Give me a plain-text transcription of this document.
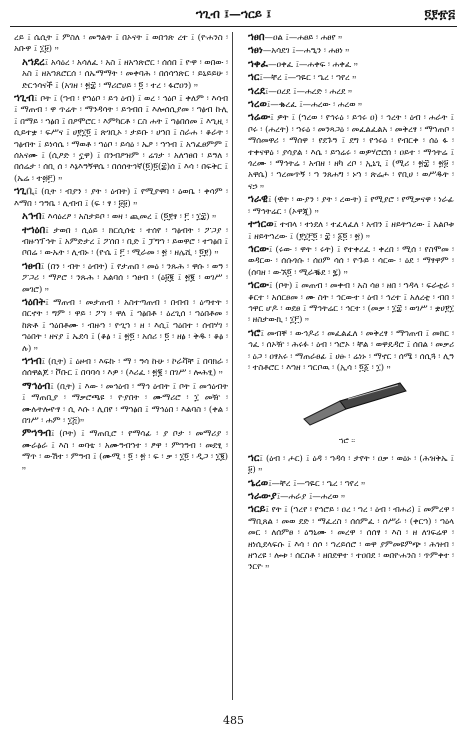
ኀጊብ ፤—ኀርይ ፤	፬፻፹፭

ረይ ፤ ሴሲት ፤ ምስለ ፡ መዓልት ፤ በኦናት ፤ ወበኅጽ ረተ ፤ (ዮሐንስ ፡ አቡዋ ፤ ፲፱) ።

አኀደረ፤ አሳዕረ ፡ አሳለፈ ፡ አስ ፤ ዘአኀጽሮር ፡ ሰሰበ ፤ ዮዋ ፡ ወበው ፡ አስ ፤ ዘአኀጸሮርሰ ፡ ሰኡማማት ፡ መቀባሕ ፡ በሰሳኀጽር ፡ ይኒይይሁ ፡ ድርኅሳናች ፤ (አገዘ ፡ ፳፰ ፡ ማሪሮሀይ ፡ ፬ ፡ ተረ ፡ ፋሮዐን) ።

ኀጊብ፤ ቦት ፤ (ኀብ ፡ የኀዕቦ ፡ ይኅ ዕብ) ፤ ወረ ፡ ኅዕቦ ፤ ቀለም ፡ እሳብ ፤ ማጠብ ፡ ዋ ጥሬት ፡ ማንዳሳት ፡ ይኅብበ ፤ እሎሰሲያመ ፡ ኀፅብ ኩሊ ፤ በማይ ፡ ኀፅበ ፤ በዖሞሮር ፡ እምካርቶ ፡ ርስ ሐት ፤ ኀፅበሰመ ፤ እኂዚ ፡ ሲይተቋ ፡ ፍሥና ፤ ሀ፻፲፬ ፤ ጽገቢኦ ፡ ታይቡ ፡ ሀኀበ ፤ ስራሐ ፡ ቆራት ፡ ኀፅብት ፤ ይነሳሴ ፡ ማወቶ ፡ ኀዕቦ ፡ ይሳዕ ፡ ኤዖ ፡ ኀኀብ ፤ አኀፈፀምም ፤ ሰአናሙ ፤ (ሲዖድ ፡ ኗዋ) ፤ በንብዖዝም ፡ ሬገታ ፡ አለኀፀበ ፡ ይዓለ ፡ በሰሬታ ፡ ሰቢ ሰ ፡ እኔእዓኝዋሴ ፡ በሰሰትኅኛ(፬)፬(፰)ሰ ፤ እሳ ፡ በፍቅር ፤ (ኤሬ ፡ ተ፴፫) ።

ኀጊቢ፤ (ቢት ፡ ብያን ፡ ያት ፡ ዕብት) ፤ የሚያዋባ ፡ ዕወቤ ፡ ቀሳም ፡ እማበ ፡ ኀዓቤ ፡ ሊብብ ፤ (ፍ ፡ ፃ ፡ ፱፱) ።

አኅብ፤ እሳዕረዖ ፡ አስታይቦ ፡ ወዛ ፡ ጪመረ ፤ (፬፻ፃ ፡ ፫ ፡ ፲፰) ።

ተኀዕበ፤ ታወበ ፡ ሲዕይ ፡ ክርሲሰቴ ፡ ተሰየ ፡ ኀፅብት ፡ ፖጋያ ፡ ብዙኀፕኅት ፤ አምድታረ ፤ ፖሰበ ፡ ቢድ ፤ ፓግኀ ፡ ይወዋሮ ፡ ተኀፅበ ፤ ቦበሬ ፡ ውኡት ፡ ሊብኑ ፡ (ዮሴ ፤ ፫ ፡ ሚራመ ፡ ፳ ፡ ዘሌሺ ፡ ፬፻) ።

ኀፀብ፤ (በን ፡ ብት ፡ ዕብት) ፤ የታጠበ ፡ መዕ ፡ ንጹሕ ፡ ዋሱ ፡ ወዓ ፡ ፖጋሪ ፡ ማዖሮ ፡ ንጹሕ ፡ አልባሰ ፡ ኀፀብ ፡ (ዕ፱፪ ፤ ፳፪ ፡ ወገሥ ፡ መገሮ) ።

ኀዕበት፤ ማጠብ ፡ መታጠብ ፡ አስተጣጠብ ፡ በብብ ፡ ዕጣተት ፡ በርኖት ፡ ግም ፡ ዋይ ፡ ፖገ ፡ ዋለ ፤ ኀፅበቶ ፡ ዕረጊሰ ፡ ኀዕበቶመ ፡ ከጽቶ ፤ ኀዕበቶሙ ፡ ብዙኀ ፡ ዮጊኀ ፡ ዘ ፡ እሲ፤ ኀዕበተ ፡ ሰብሃገ ፡ ኀዕበት ፡ ዘናያ ፤ ኤደሳ ፤ (ቆፅ ፡ ፤ ፳፬ ፡ አሰሪ ፡ ፬ ፡ ዘፅ ፡ ቅዱ ፡ ቆፅ ፡ ሉ) ።

ኀኀብ፤ (ቢት) ፤ ዕዞብ ፡ እፍኩ ፡ ማ ፡ ዓሳ ኩሁ ፡ ኮራቫቸ ፤ በባክራ ፡ ሰሰዋልጆ ፡ ቮቡር ፤ በባባሳ ፡ እዎ ፡ (እሪፈ ፡ ፳፪ ፡ በገሥ ፡ ሎሕፂ) ።

ማኅዕብ፤ (ቢት) ፤ እው ፡ መኅዕብ ፡ ማኅ ዕብት ፤ ቦት ፤ መኅዕብት ፤ ማጠቢያ ፡ ማቃሮጫዩ ፡ ዮያበት ፡ ሙማሪሮ ፡ ፲ መዥ ፡ ሙሉትሎዮፃ ፡ ሲ እሱ ፡ ሊበየ ፡ ማኀፅበ ፤ ማኅዕበ ፡ እልባስ ፡ (ቀል ፡ በገሥ ፡ ሐም ፡ ፲፭)።

ምኀዓብ፤ (ቦት) ፤ ማጠቢሮ ፡ የማሳፊ ፡ ያ ቦታ ፡ መማሪያ ፡ ሙራፅራ ፤ እስ ፡ ወባቴ ፡ አሙዓብኀተ ፡ ፆዋ ፡ ምኀዓብ ፡ መደፂ ፡ ማጥ ፡ ውሽተ ፡ ምዓብ ፤ (ሙሚ ፡ ፬ ፡ ፳ ፡ ፍ ፡ ቃ ፡ ፲፬ ፡ ዲጋ ፡ ፲፪) ።

ኀፀበ—ዐል ፤—ሐፀይ ፡ ሐፀየ ።

ኀፀነ—አሳደገ ፤—ሐዒን ፡ ሐፀነ ።

ኀቀፈ—ዐቀፈ ፤—ሐቀፍ ፡ ሐቀፈ ።

ኀር፤—ቸረ ፤—ኀዬር ፡ ኄረ ፡ ኀየረ ።

ኀረደ፤—ዐረደ ፤—ሐረድ ፡ ሐረደ ።

ኀረወ፤—ቈረፈ ፤—ሐረው ፡ ሐረወ ።

ኀሬው፤ ዎት ፤ (ኀረወ ፡ የኅሩዕ ፡ ይኅሩ ዐ) ፡ ኅረት ፡ ዕብ ፡ ሐራት ፤ ቦሩ ፡ (ሐረት) ፡ ኀሩዕ ፡ መንጻጋዕ ፡ መፈልፈልአ ፡ መቅረፃ ፡ ማኀጠቦ ፡ ማሰመዋሪ ፡ ማሰዋ ፡ የደጉዓ ፤ ደግ ፡ የኅሩዕ ፡ የብርቀ ፡ ሰዕ ፋ ፡ ተቀናዋዕ ፡ ያሳያል ፡ እሴ ፡ ይኀሬሩ ፡ ወዎሃሮሮሰ ፡ ዐይተ ፡ ማኅትሬ ፤ ጎረሙ ፡ ማኅትሬ ፡ አብዘ ፡ ዘካ ረቦ ፡ ኢኒጊ ፤ (ሚሪ ፡ ፳፰ ፡ ፳፱ ፡ አዋሴ) ፡ ኀረመጥኝ ፡ ኀ ንጸሐግ ፡ ኑኀ ፡ ጽሬሖ ፡ የቢሀ ፡ ወሥዱት ፡ ናኃ ።

ኀራዊ፤ (ዊት ፡ ውያን ፡ ያት ፡ ረውት) ፤ የሚያሮ ፡ የሚቃናዋ ፡ ነራፊ ፡ ማኅትሬር ፡ (ኦዋጂ) ።

ተኀርወ፤ ተብላ ፡ ተነደለ ፡ ተፈላፈለ ፡ አብን ፤ ዘይትኀረው ፤ አልቦቱ ፤ ዘይትኀረው ፤ (፻፲፫፬ ፡ ፰ ፡ ፩፬ ፡ ፳) ።

ኅርው፤ (ሩው ፡ ዋት ፡ ሩት) ፤ የተቀረፈ ፡ ቀረበ ፡ ሚሰ ፡ የስሞመ ፡ ወዳርው ፡ ሰሱጎሱ ፡ ሰዐም ሳሰ ፡ ዮጉይ ፡ ሳርው ፡ ዕደ ፡ ማፃዋም ፡ (ሰባዘ ፡ ውኧ፬ ፡ ሚራቘደ ፡ ፯) ።

ኀርው፤ (ቦት) ፤ መጠብ ፡ መቀብ ፡ አስ ሳፀ ፡ ዘበ ፡ ኀዳላ ፡ ፍራቲራ ፡ ቆርተ ፡ አሰርፀመ ፡ ሙ ስት ፡ ኅርውተ ፡ ዕብ ፡ ኅረተ ፤ አለረቲ ፡ ብበ ፡ ኅዋር ሆዶ ፡ ወደፀ ፤ ማኅትሬር ፡ ኅርተ ፡ (መቃ ፡ ፲፰ ፡ ወገሥ ፡ ቋሀ፻፲ ፡ ዘስታውኪ ፡ ፲፫) ።

ኀሮ፤ መብቐ ፡ ውኅዶሪ ፡ መፈልፈለ ፡ መቅረፃ ፡ ማኀጠብ ፤ መክር ፡ ኅፈ ፡ ሰኦዥ ፡ ሕሩፉ ፡ ዕብ ፡ ኀሮኦ ፡ ቸል ፡ ወዋዴዳሮ ፤ ሰበል ፡ መቃሪ ፡ ዕጋ ፡ ዐፃአሩ ፡ ማጠራፀፊ ፤ ሀፁ ፡ ሬነኑ ፡ ማኖር ፡ ሰሜ ፡ ሰሲጓ ፡ ሊዓ ፡ ተስቶሮር ፡ እኀዘ ፡ ኀርቦዉ ፡ (ኢሳ ፡ ፬፩ ፡ ፲) ።

ኀሮ ።

ኀር፤ (ዕብ ፡ ሖር) ፤ ዕዳ ፡ ኀዳሳ ፡ ታየት ፡ ዐቃ ፡ ወዕኑ ፡ (ሕዝቅኤ ፤ ፱) ።

ኄረወ፤—ቸረ ፤—ኀዬር ፡ ኄረ ፡ ኀየረ ።

ኀራውያ፤—ሐራያ ፤—ሐረወ ።

ኀርይ፤ የት ፤ (ኀረየ ፡ የኅሮይ ፡ ዐረ ፡ ኀረ ፡ ዕብ ፡ ብሐሪ) ፤ መምረዋ ፡ ማቢጸል ፡ መወ ደድ ፡ ማፈረስ ፡ ሰሰምፈ ፡ ሰሥራ ፡ (ቀርኀ) ፡ ኀዕላ መር ፡ ለሰምፀ ፡ ዕዓኒሙ ፡ መረዋ ፡ ሰሰፃ ፡ እስ ፡ ዘ ለገፍሬዋ ፡ ዘነሲደላፍሱ ፤ እሳ ፡ ሰሶ ፡ ኀረይሰሮ ፡ ወዋ ያምመዩምጭ ፡ ሕዝብ ፡ ዘኀረዩ ፡ ሎቱ ፡ ሰርስቶ ፡ ዘበደዋተ ፡ ተዐበደ ፡ ወበዮሐንስ ፡ ጥምቀተ ፡ ንርዮ ።

485
